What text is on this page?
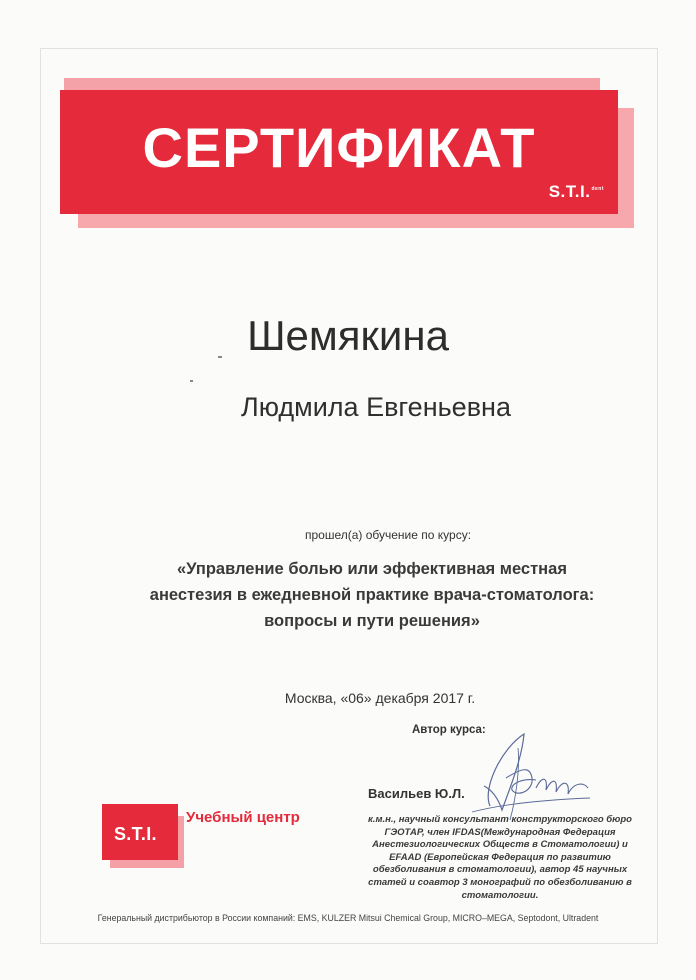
СЕРТИФИКАТ
S.T.I.$^{dent}$
Шемякина
Людмила Евгеньевна
прошел(а) обучение по курсу:
«Управление болью или эффективная местная
анестезия в ежедневной практике врача-стоматолога:
вопросы и пути решения»
Москва, «06» декабря 2017 г.
Автор курса:
Васильев Ю.Л.
к.м.н., научный консультант конструкторского бюро ГЭОТАР, член IFDAS(Международная Федерация Анестезиологических Обществ в Стоматологии) и EFAAD (Европейская Федерация по развитию обезболивания в стоматологии), автор 45 научных статей и соавтор 3 монографий по обезболиванию в стоматологии.
S.T.I.
Учебный центр
Генеральный дистрибьютор в России компаний: EMS, KULZER Mitsui Chemical Group, MICRO–MEGA, Septodont, Ultradent
